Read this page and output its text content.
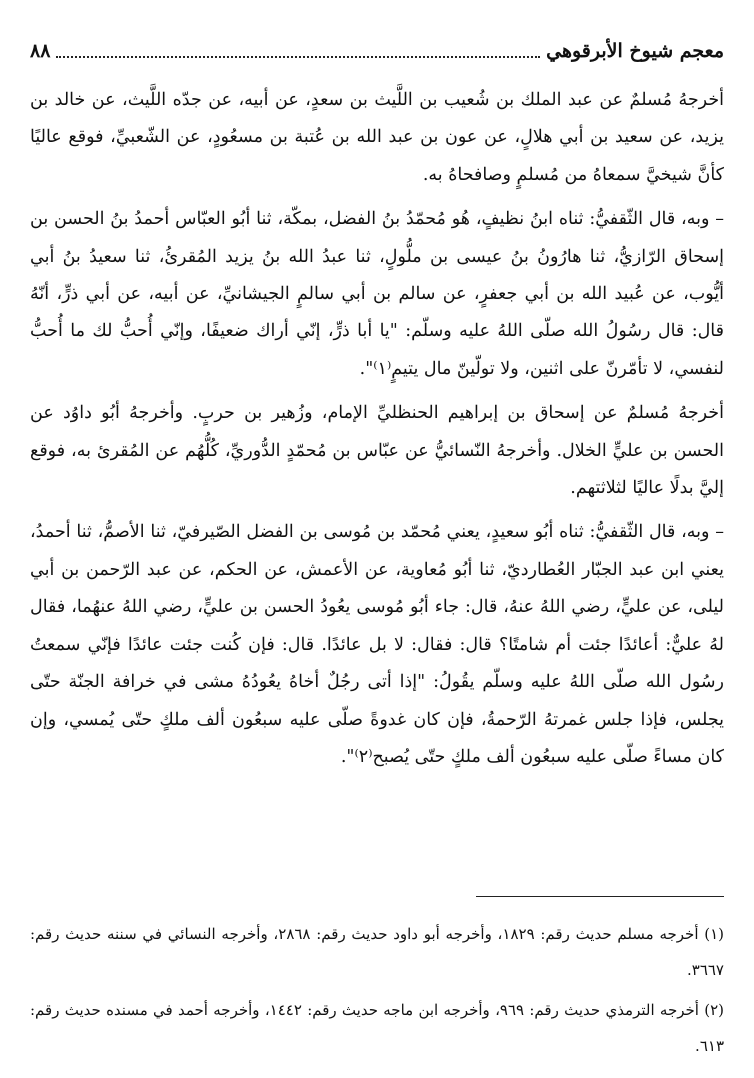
معجم شيوخ الأبرقوهي
٨٨

أخرجهُ مُسلمٌ عن عبد الملك بن شُعيب بن اللَّيث بن سعدٍ، عن أبيه، عن جدّه اللَّيث، عن خالد بن يزيد، عن سعيد بن أبي هلالٍ، عن عون بن عبد الله بن عُتبة بن مسعُودٍ، عن الشّعبيِّ، فوقع عاليًا كأنَّ شيخيَّ سمعاهُ من مُسلمٍ وصافحاهُ به.

– وبه، قال الثّقفيُّ: ثناه ابنُ نظيفٍ، هُو مُحمّدُ بنُ الفضل، بمكّة، ثنا أبُو العبّاس أحمدُ بنُ الحسن بن إسحاق الرّازيُّ، ثنا هارُونُ بنُ عيسى بن ملُّولٍ، ثنا عبدُ الله بنُ يزيد المُقرئُ، ثنا سعيدُ بنُ أبي أيُّوب، عن عُبيد الله بن أبي جعفرٍ، عن سالم بن أبي سالمٍ الجيشانيِّ، عن أبيه، عن أبي ذرٍّ، أنّهُ قال: قال رسُولُ الله صلّى اللهُ عليه وسلّم: "يا أبا ذرٍّ، إنّي أراك ضعيفًا، وإنّي أُحبُّ لك ما أُحبُّ لنفسي، لا تأمّرنّ على اثنين، ولا تولّينّ مال يتيمٍ⁽١⁾".

أخرجهُ مُسلمٌ عن إسحاق بن إبراهيم الحنظليِّ الإمام، وزُهير بن حربٍ. وأخرجهُ أبُو داوُد عن الحسن بن عليٍّ الخلال. وأخرجهُ النّسائيُّ عن عبّاس بن مُحمّدٍ الدُّوريِّ، كُلُّهُم عن المُقرئ به، فوقع إليَّ بدلًا عاليًا لثلاثتهم.

– وبه، قال الثّقفيُّ: ثناه أبُو سعيدٍ، يعني مُحمّد بن مُوسى بن الفضل الصّيرفيّ، ثنا الأصمُّ، ثنا أحمدُ، يعني ابن عبد الجبّار العُطارديّ، ثنا أبُو مُعاوية، عن الأعمش، عن الحكم، عن عبد الرّحمن بن أبي ليلى، عن عليٍّ، رضي اللهُ عنهُ، قال: جاء أبُو مُوسى يعُودُ الحسن بن عليٍّ، رضي اللهُ عنهُما، فقال لهُ عليٌّ: أعائدًا جئت أم شامتًا؟ قال: فقال: لا بل عائدًا. قال: فإن كُنت جئت عائدًا فإنّي سمعتُ رسُول الله صلّى اللهُ عليه وسلّم يقُولُ: "إذا أتى رجُلٌ أخاهُ يعُودُهُ مشى في خرافة الجنّة حتّى يجلس، فإذا جلس غمرتهُ الرّحمةُ، فإن كان غدوةً صلّى عليه سبعُون ألف ملكٍ حتّى يُمسي، وإن كان مساءً صلّى عليه سبعُون ألف ملكٍ حتّى يُصبح⁽٢⁾".

(١) أخرجه مسلم حديث رقم: ١٨٢٩، وأخرجه أبو داود حديث رقم: ٢٨٦٨، وأخرجه النسائي في سننه حديث رقم: ٣٦٦٧.

(٢) أخرجه الترمذي حديث رقم: ٩٦٩، وأخرجه ابن ماجه حديث رقم: ١٤٤٢، وأخرجه أحمد في مسنده حديث رقم: ٦١٣.
